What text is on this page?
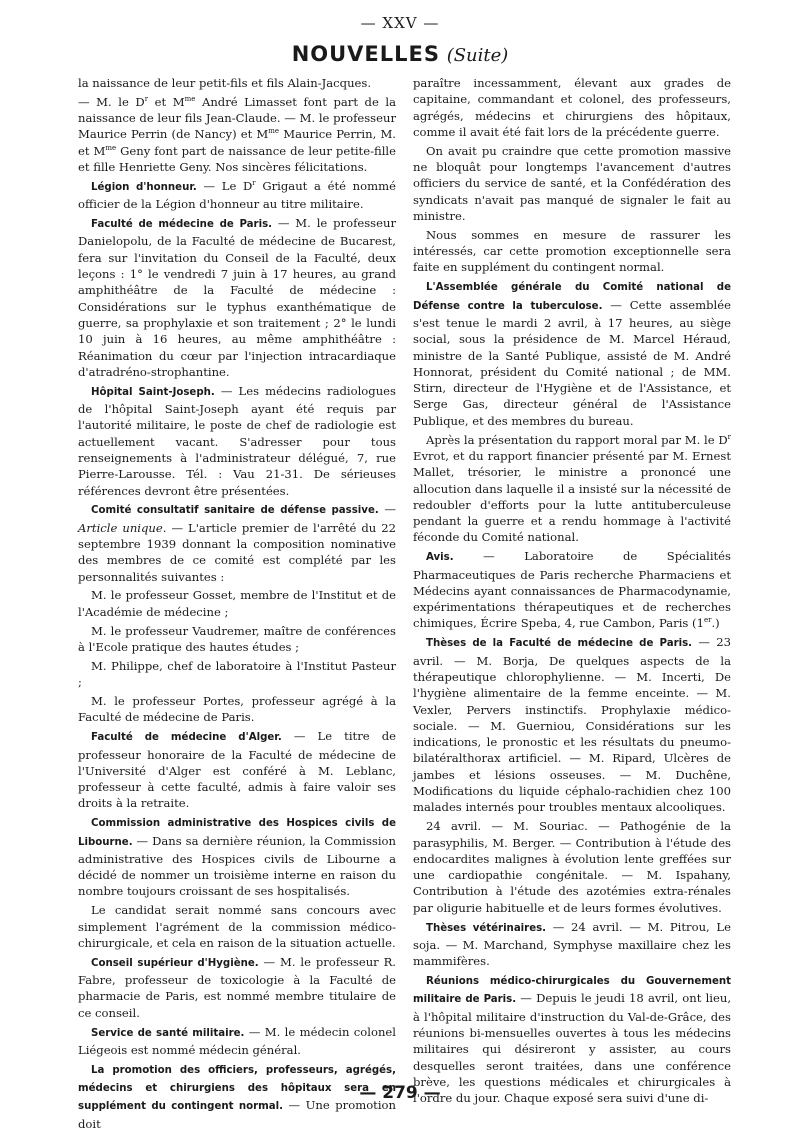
— XXV —
NOUVELLES (Suite)

la naissance de leur petit-fils et fils Alain-Jacques.

— M. le $D^r$ et $M^{me}$ André Limasset font part de la naissance de leur fils Jean-Claude. — M. le professeur Maurice Perrin (de Nancy) et $M^{me}$ Maurice Perrin, M. et $M^{me}$ Geny font part de naissance de leur petite-fille et fille Henriette Geny. Nos sincères félicitations.

Légion d'honneur. — Le $D^r$ Grigaut a été nommé officier de la Légion d'honneur au titre militaire.

Faculté de médecine de Paris. — M. le professeur Danielopolu, de la Faculté de médecine de Bucarest, fera sur l'invitation du Conseil de la Faculté, deux leçons : 1° le vendredi 7 juin à 17 heures, au grand amphithéâtre de la Faculté de médecine : Considérations sur le typhus exanthématique de guerre, sa prophylaxie et son traitement ; 2° le lundi 10 juin à 16 heures, au même amphithéâtre : Réanimation du cœur par l'injection intracardiaque d'atradréno-strophantine.

Hôpital Saint-Joseph. — Les médecins radiologues de l'hôpital Saint-Joseph ayant été requis par l'autorité militaire, le poste de chef de radiologie est actuellement vacant. S'adresser pour tous renseignements à l'administrateur délégué, 7, rue Pierre-Larousse. Tél. : Vau 21-31. De sérieuses références devront être présentées.

Comité consultatif sanitaire de défense passive. — Article unique. — L'article premier de l'arrêté du 22 septembre 1939 donnant la composition nominative des membres de ce comité est complété par les personnalités suivantes :

M. le professeur Gosset, membre de l'Institut et de l'Académie de médecine ;

M. le professeur Vaudremer, maître de conférences à l'Ecole pratique des hautes études ;

M. Philippe, chef de laboratoire à l'Institut Pasteur ;

M. le professeur Portes, professeur agrégé à la Faculté de médecine de Paris.

Faculté de médecine d'Alger. — Le titre de professeur honoraire de la Faculté de médecine de l'Université d'Alger est conféré à M. Leblanc, professeur à cette faculté, admis à faire valoir ses droits à la retraite.

Commission administrative des Hospices civils de Libourne. — Dans sa dernière réunion, la Commission administrative des Hospices civils de Libourne a décidé de nommer un troisième interne en raison du nombre toujours croissant de ses hospitalisés.

Le candidat serait nommé sans concours avec simplement l'agrément de la commission médico-chirurgicale, et cela en raison de la situation actuelle.

Conseil supérieur d'Hygiène. — M. le professeur R. Fabre, professeur de toxicologie à la Faculté de pharmacie de Paris, est nommé membre titulaire de ce conseil.

Service de santé militaire. — M. le médecin colonel Liégeois est nommé médecin général.

La promotion des officiers, professeurs, agrégés, médecins et chirurgiens des hôpitaux sera en supplément du contingent normal. — Une promotion doit

paraître incessamment, élevant aux grades de capitaine, commandant et colonel, des professeurs, agrégés, médecins et chirurgiens des hôpitaux, comme il avait été fait lors de la précédente guerre.

On avait pu craindre que cette promotion massive ne bloquât pour longtemps l'avancement d'autres officiers du service de santé, et la Confédération des syndicats n'avait pas manqué de signaler le fait au ministre.

Nous sommes en mesure de rassurer les intéressés, car cette promotion exceptionnelle sera faite en supplément du contingent normal.

L'Assemblée générale du Comité national de Défense contre la tuberculose. — Cette assemblée s'est tenue le mardi 2 avril, à 17 heures, au siège social, sous la présidence de M. Marcel Héraud, ministre de la Santé Publique, assisté de M. André Honnorat, président du Comité national ; de MM. Stirn, directeur de l'Hygiène et de l'Assistance, et Serge Gas, directeur général de l'Assistance Publique, et des membres du bureau.

Après la présentation du rapport moral par M. le $D^r$ Evrot, et du rapport financier présenté par M. Ernest Mallet, trésorier, le ministre a prononcé une allocution dans laquelle il a insisté sur la nécessité de redoubler d'efforts pour la lutte antituberculeuse pendant la guerre et a rendu hommage à l'activité féconde du Comité national.

Avis. — Laboratoire de Spécialités Pharmaceutiques de Paris recherche Pharmaciens et Médecins ayant connaissances de Pharmacodynamie, expérimentations thérapeutiques et de recherches chimiques, Écrire Speba, 4, rue Cambon, Paris (1er.)

Thèses de la Faculté de médecine de Paris. — 23 avril. — M. Borja, De quelques aspects de la thérapeutique chlorophylienne. — M. Incerti, De l'hygiène alimentaire de la femme enceinte. — M. Vexler, Pervers instinctifs. Prophylaxie médico-sociale. — M. Guerniou, Considérations sur les indications, le pronostic et les résultats du pneumo-bilatéralthorax artificiel. — M. Ripard, Ulcères de jambes et lésions osseuses. — M. Duchêne, Modifications du liquide céphalo-rachidien chez 100 malades internés pour troubles mentaux alcooliques.

24 avril. — M. Souriac. — Pathogénie de la parasyphilis, M. Berger. — Contribution à l'étude des endocardites malignes à évolution lente greffées sur une cardiopathie congénitale. — M. Ispahany, Contribution à l'étude des azotémies extra-rénales par oligurie habituelle et de leurs formes évolutives.

Thèses vétérinaires. — 24 avril. — M. Pitrou, Le soja. — M. Marchand, Symphyse maxillaire chez les mammifères.

Réunions médico-chirurgicales du Gouvernement militaire de Paris. — Depuis le jeudi 18 avril, ont lieu, à l'hôpital militaire d'instruction du Val-de-Grâce, des réunions bi-mensuelles ouvertes à tous les médecins militaires qui désireront y assister, au cours desquelles seront traitées, dans une conférence brève, les questions médicales et chirurgicales à l'ordre du jour. Chaque exposé sera suivi d'une di-

— 279 —
